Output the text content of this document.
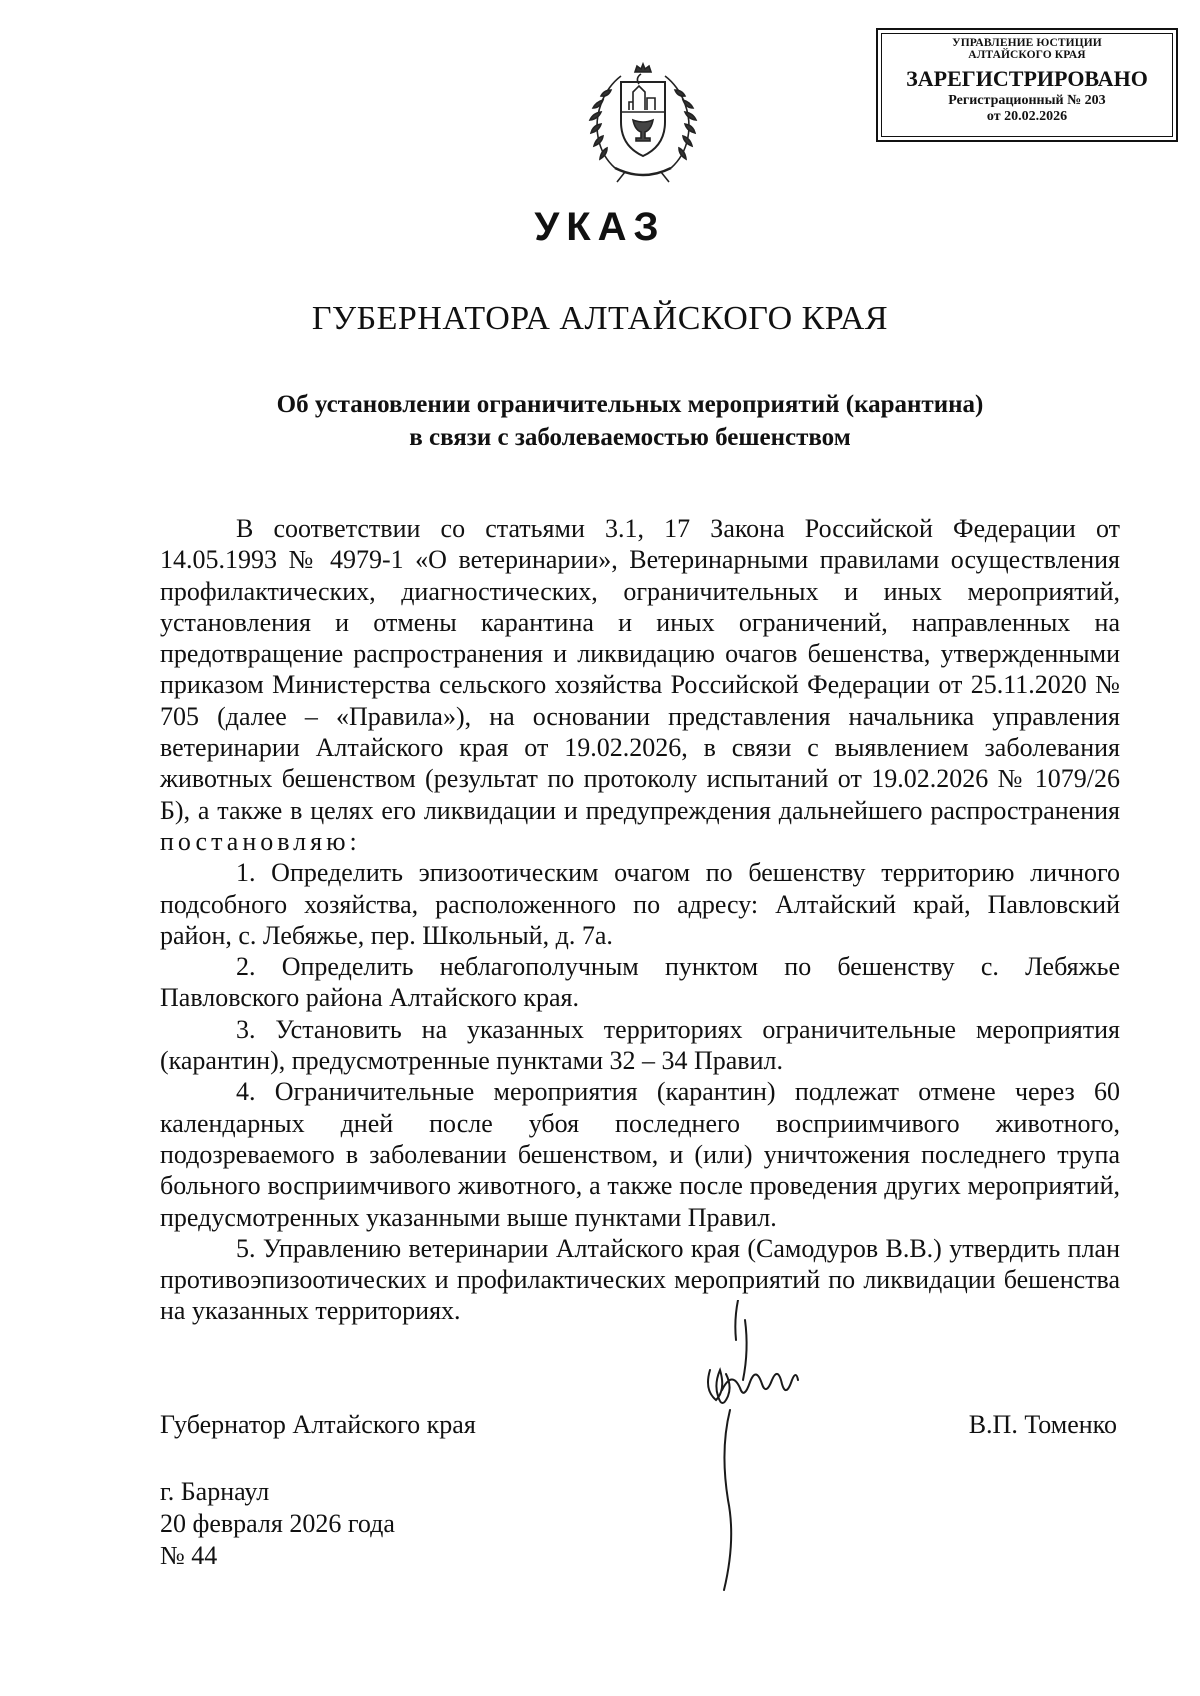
УПРАВЛЕНИЕ ЮСТИЦИИ
АЛТАЙСКОГО КРАЯ
ЗАРЕГИСТРИРОВАНО
Регистрационный № 203
от 20.02.2026
УКАЗ
ГУБЕРНАТОРА АЛТАЙСКОГО КРАЯ
Об установлении ограничительных мероприятий (карантина)
в связи с заболеваемостью бешенством

В соответствии со статьями 3.1, 17 Закона Российской Федерации от 14.05.1993 № 4979-1 «О ветеринарии», Ветеринарными правилами осуществления профилактических, диагностических, ограничительных и иных мероприятий, установления и отмены карантина и иных ограничений, направленных на предотвращение распространения и ликвидацию очагов бешенства, утвержденными приказом Министерства сельского хозяйства Российской Федерации от 25.11.2020 № 705 (далее – «Правила»), на основании представления начальника управления ветеринарии Алтайского края от 19.02.2026, в связи с выявлением заболевания животных бешенством (результат по протоколу испытаний от 19.02.2026 № 1079/26 Б), а также в целях его ликвидации и предупреждения дальнейшего распространения постановляю:

1. Определить эпизоотическим очагом по бешенству территорию личного подсобного хозяйства, расположенного по адресу: Алтайский край, Павловский район, с. Лебяжье, пер. Школьный, д. 7а.

2. Определить неблагополучным пунктом по бешенству с. Лебяжье Павловского района Алтайского края.

3. Установить на указанных территориях ограничительные мероприятия (карантин), предусмотренные пунктами 32 – 34 Правил.

4. Ограничительные мероприятия (карантин) подлежат отмене через 60 календарных дней после убоя последнего восприимчивого животного, подозреваемого в заболевании бешенством, и (или) уничтожения последнего трупа больного восприимчивого животного, а также после проведения других мероприятий, предусмотренных указанными выше пунктами Правил.

5. Управлению ветеринарии Алтайского края (Самодуров В.В.) утвердить план противоэпизоотических и профилактических мероприятий по ликвидации бешенства на указанных территориях.

Губернатор Алтайского края	В.П. Томенко
г. Барнаул
20 февраля 2026 года
№ 44
